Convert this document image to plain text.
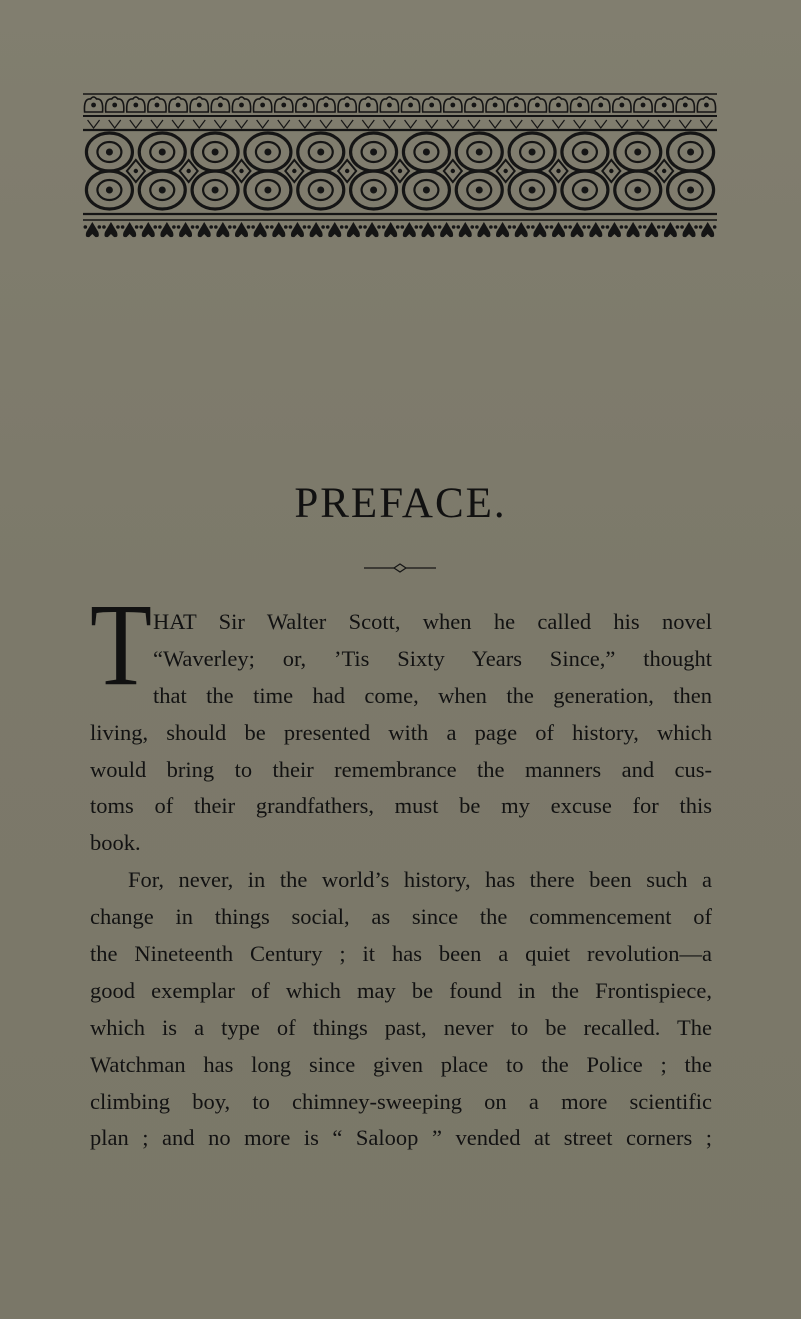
PREFACE.
T HAT Sir Walter Scott, when he called his novel
“Waverley; or, ’Tis Sixty Years Since,” thought
that the time had come, when the generation, then
living, should be presented with a page of history, which
would bring to their remembrance the manners and cus-
toms of their grandfathers, must be my excuse for this
book.
For, never, in the world’s history, has there been such a
change in things social, as since the commencement of
the Nineteenth Century ; it has been a quiet revolution—a
good exemplar of which may be found in the Frontispiece,
which is a type of things past, never to be recalled. The
Watchman has long since given place to the Police ; the
climbing boy, to chimney-sweeping on a more scientific
plan ; and no more is “ Saloop ” vended at street corners ;
